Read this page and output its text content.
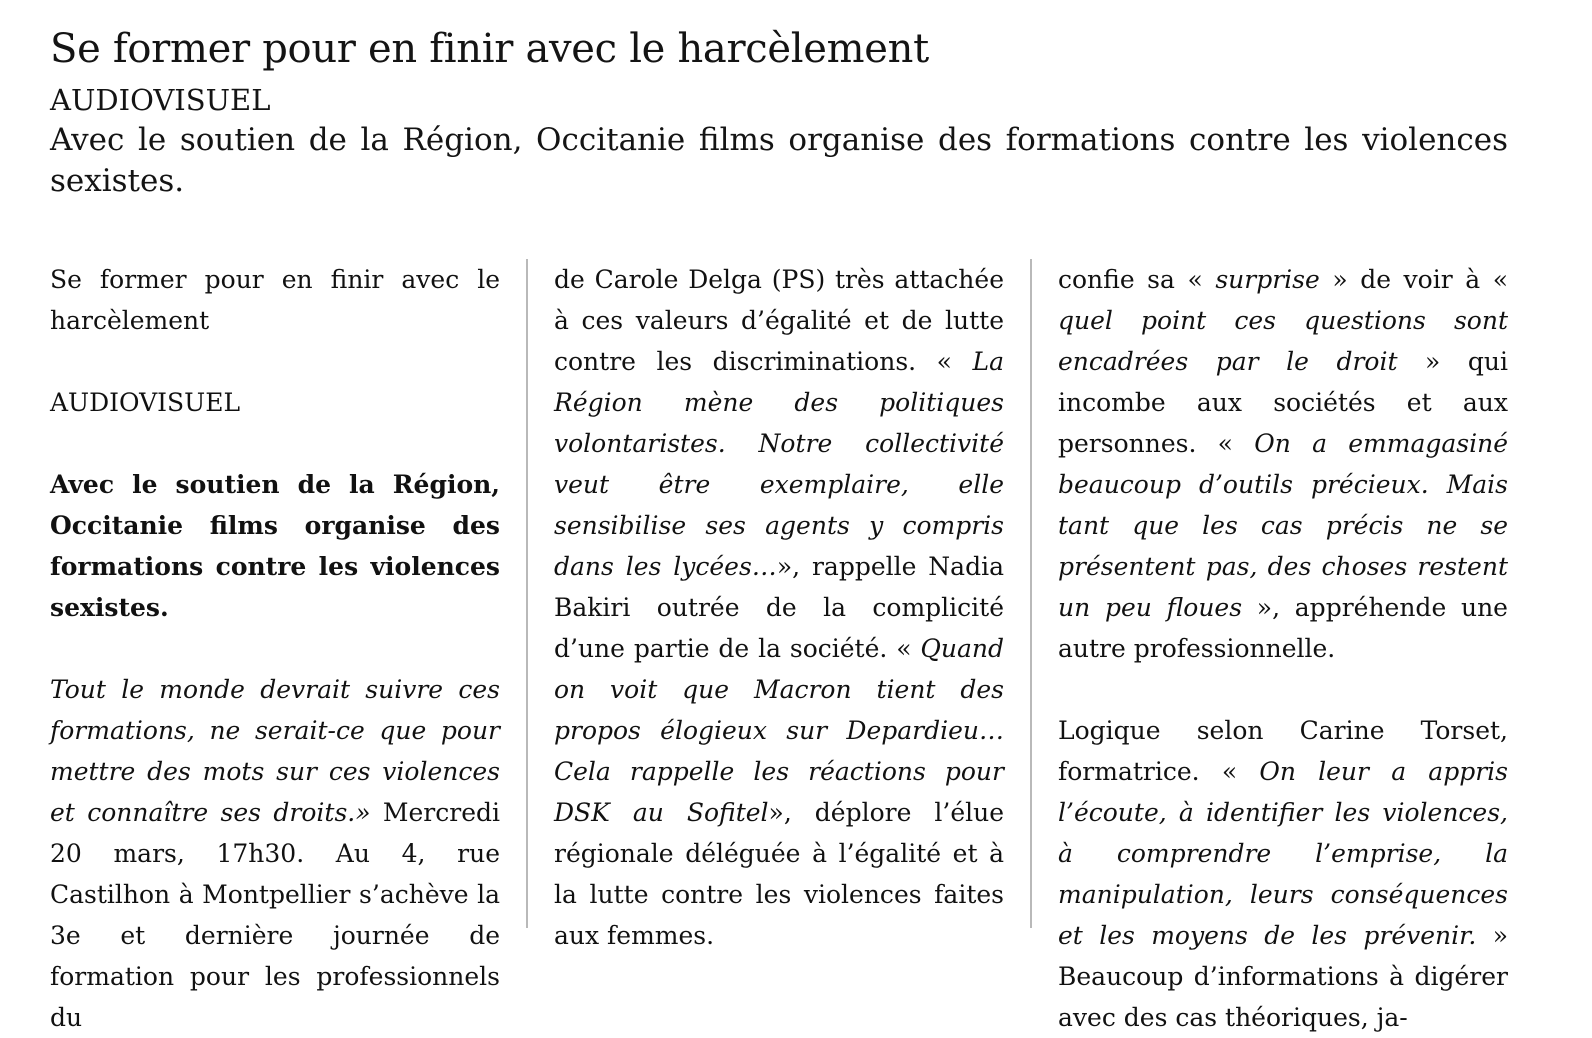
Se former pour en finir avec le harcèlement
AUDIOVISUEL
Avec le soutien de la Région, Occitanie films organise des formations contre les violences sexistes.

Se former pour en finir avec le harcèlement

AUDIOVISUEL

Avec le soutien de la Région, Occitanie films organise des formations contre les violences sexistes.

Tout le monde devrait suivre ces formations, ne serait-ce que pour mettre des mots sur ces violences et connaître ses droits.» Mercredi 20 mars, 17h30. Au 4, rue Castilhon à Montpellier s’achève la 3e et dernière journée de formation pour les professionnels du

de Carole Delga (PS) très attachée à ces valeurs d’égalité et de lutte contre les discriminations. « La Région mène des politiques volontaristes. Notre collectivité veut être exemplaire, elle sensibilise ses agents y compris dans les lycées…», rappelle Nadia Bakiri outrée de la complicité d’une partie de la société. « Quand on voit que Macron tient des propos élogieux sur Depardieu… Cela rappelle les réactions pour DSK au Sofitel», déplore l’élue régionale déléguée à l’égalité et à la lutte contre les violences faites aux femmes.

confie sa « surprise » de voir à « quel point ces questions sont encadrées par le droit » qui incombe aux sociétés et aux personnes. « On a emmagasiné beaucoup d’outils précieux. Mais tant que les cas précis ne se présentent pas, des choses restent un peu floues », appréhende une autre professionnelle.

Logique selon Carine Torset, formatrice. « On leur a appris l’écoute, à identifier les violences, à comprendre l’emprise, la manipulation, leurs conséquences et les moyens de les prévenir. » Beaucoup d’informations à digérer avec des cas théoriques, ja-
